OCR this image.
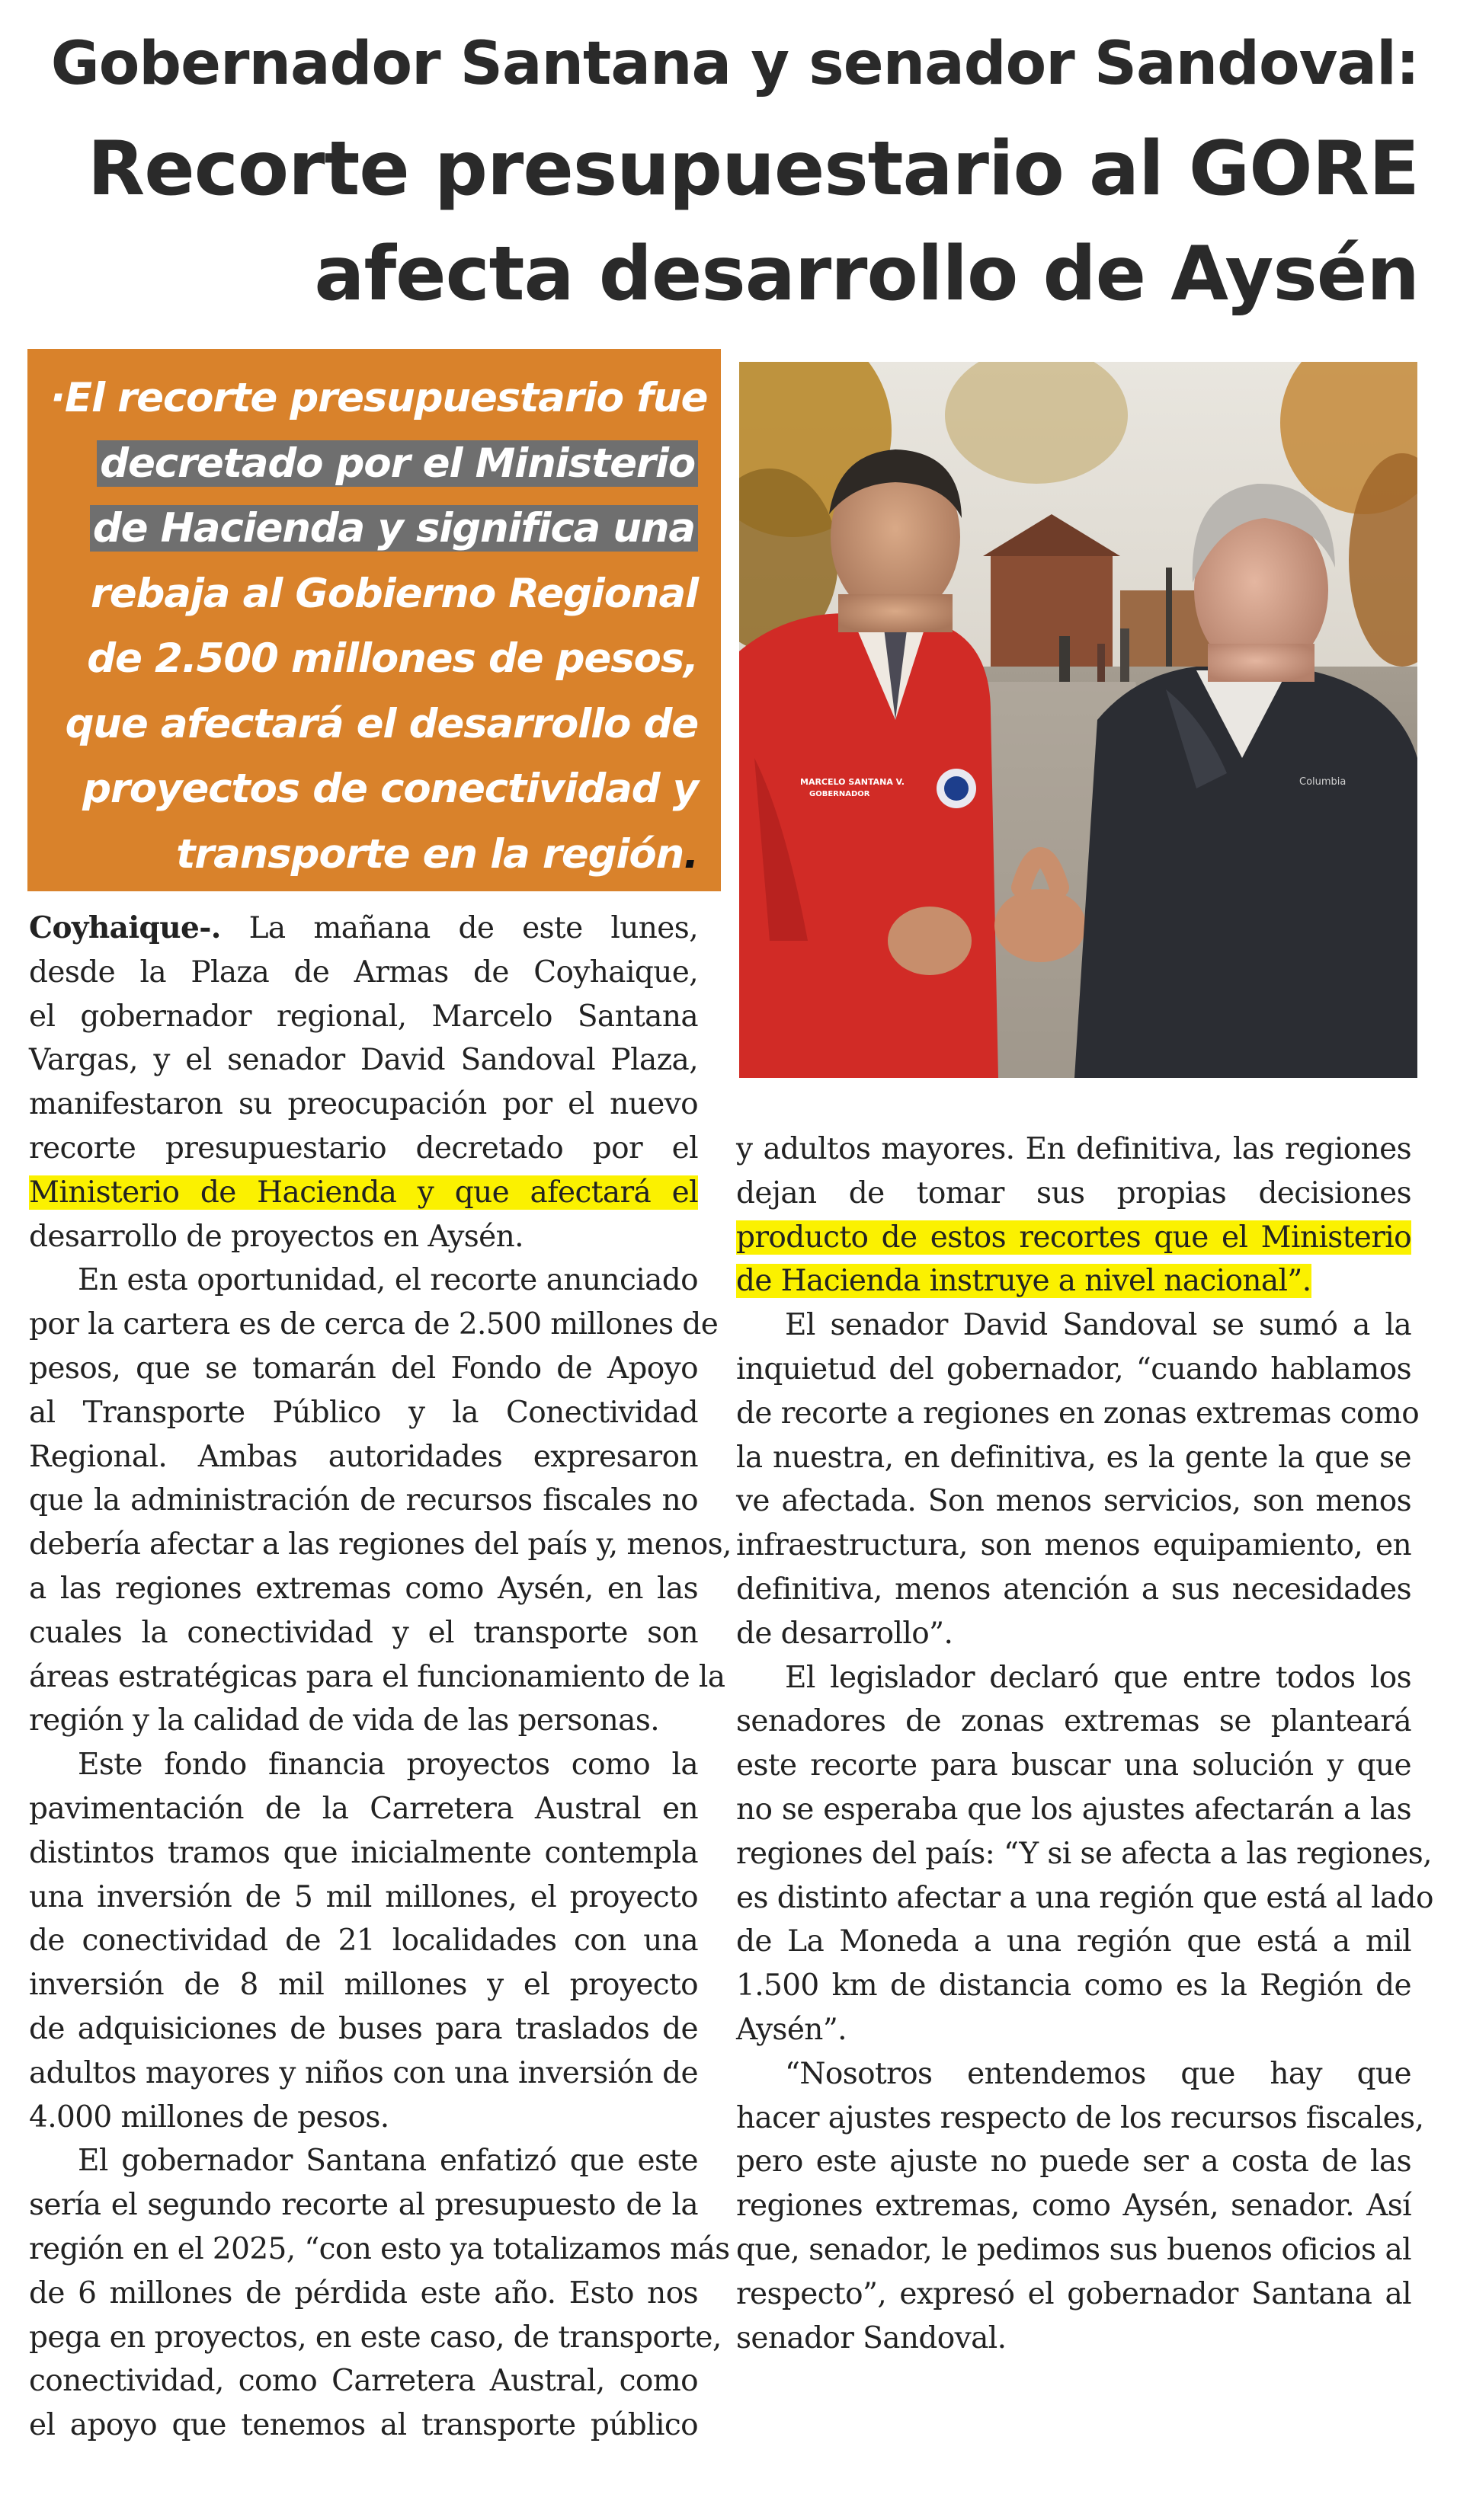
Gobernador Santana y senador Sandoval:
Recorte presupuestario al GORE
afecta desarrollo de Aysén
·El recorte presupuestario fue
decretado por el Ministerio
de Hacienda y significa una
rebaja al Gobierno Regional
de 2.500 millones de pesos,
que afectará el desarrollo de
proyectos de conectividad y
transporte en la región.
MARCELO SANTANA V.
GOBERNADOR
Columbia
Coyhaique-. La mañana de este lunes,
desde la Plaza de Armas de Coyhaique,
el gobernador regional, Marcelo Santana
Vargas, y el senador David Sandoval Plaza,
manifestaron su preocupación por el nuevo
recorte presupuestario decretado por el
Ministerio de Hacienda y que afectará el
desarrollo de proyectos en Aysén.
En esta oportunidad, el recorte anunciado
por la cartera es de cerca de 2.500 millones de
pesos, que se tomarán del Fondo de Apoyo
al Transporte Público y la Conectividad
Regional. Ambas autoridades expresaron
que la administración de recursos fiscales no
debería afectar a las regiones del país y, menos,
a las regiones extremas como Aysén, en las
cuales la conectividad y el transporte son
áreas estratégicas para el funcionamiento de la
región y la calidad de vida de las personas.
Este fondo financia proyectos como la
pavimentación de la Carretera Austral en
distintos tramos que inicialmente contempla
una inversión de 5 mil millones, el proyecto
de conectividad de 21 localidades con una
inversión de 8 mil millones y el proyecto
de adquisiciones de buses para traslados de
adultos mayores y niños con una inversión de
4.000 millones de pesos.
El gobernador Santana enfatizó que este
sería el segundo recorte al presupuesto de la
región en el 2025, “con esto ya totalizamos más
de 6 millones de pérdida este año. Esto nos
pega en proyectos, en este caso, de transporte,
conectividad, como Carretera Austral, como
el apoyo que tenemos al transporte público
y adultos mayores. En definitiva, las regiones
dejan de tomar sus propias decisiones
producto de estos recortes que el Ministerio
de Hacienda instruye a nivel nacional”.
El senador David Sandoval se sumó a la
inquietud del gobernador, “cuando hablamos
de recorte a regiones en zonas extremas como
la nuestra, en definitiva, es la gente la que se
ve afectada. Son menos servicios, son menos
infraestructura, son menos equipamiento, en
definitiva, menos atención a sus necesidades
de desarrollo”.
El legislador declaró que entre todos los
senadores de zonas extremas se planteará
este recorte para buscar una solución y que
no se esperaba que los ajustes afectarán a las
regiones del país: “Y si se afecta a las regiones,
es distinto afectar a una región que está al lado
de La Moneda a una región que está a mil
1.500 km de distancia como es la Región de
Aysén”.
“Nosotros entendemos que hay que
hacer ajustes respecto de los recursos fiscales,
pero este ajuste no puede ser a costa de las
regiones extremas, como Aysén, senador. Así
que, senador, le pedimos sus buenos oficios al
respecto”, expresó el gobernador Santana al
senador Sandoval.
